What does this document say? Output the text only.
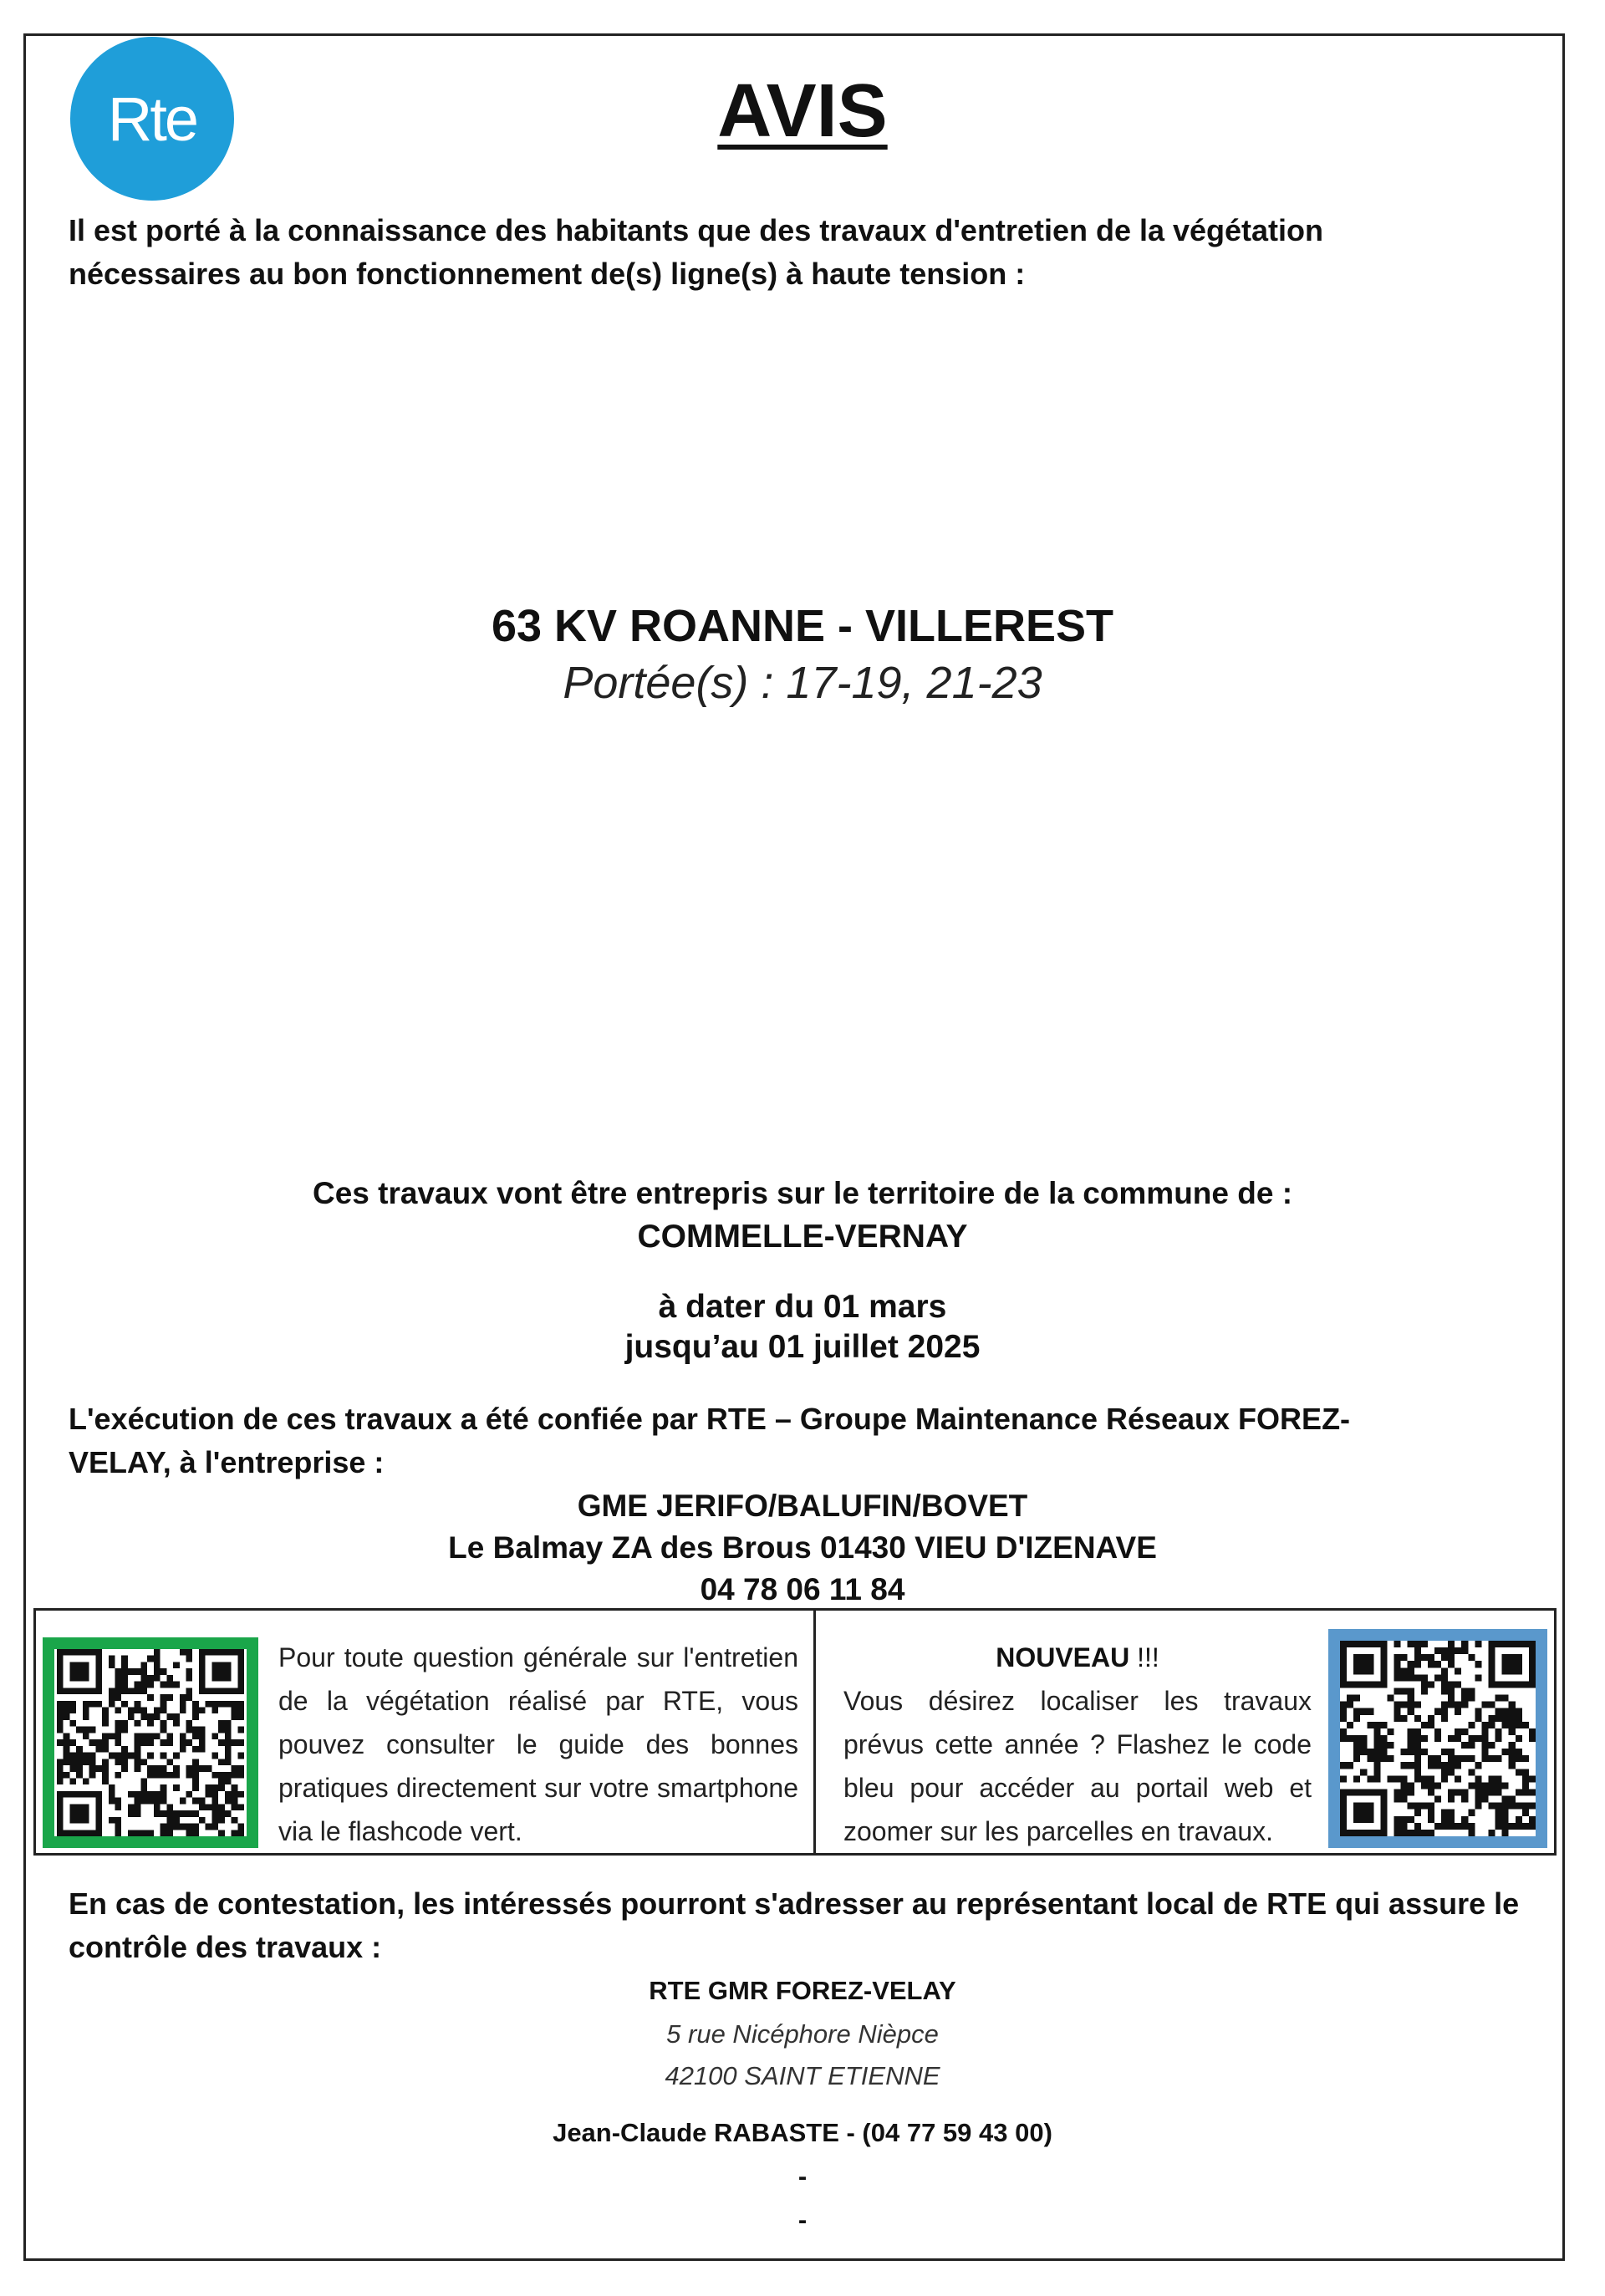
Rte	AVIS
Il est porté à la connaissance des habitants que des travaux d'entretien de la végétation
nécessaires au bon fonctionnement de(s) ligne(s) à haute tension :
63 KV ROANNE - VILLEREST
Portée(s) : 17-19, 21-23
Ces travaux vont être entrepris sur le territoire de la commune de :
COMMELLE-VERNAY
à dater du 01 mars
jusqu’au 01 juillet 2025
L'exécution de ces travaux a été confiée par RTE – Groupe Maintenance Réseaux FOREZ-
VELAY, à l'entreprise :
GME JERIFO/BALUFIN/BOVET
Le Balmay ZA des Brous 01430 VIEU D'IZENAVE
04 78 06 11 84
Pour toute question générale sur l'entretien de la végétation réalisé par RTE, vous pouvez consulter le guide des bonnes pratiques directement sur votre smartphone via le flashcode vert.
NOUVEAU !!!
Vous désirez localiser les travaux prévus cette année ? Flashez le code bleu pour accéder au portail web et zoomer sur les parcelles en travaux.
En cas de contestation, les intéressés pourront s'adresser au représentant local de RTE qui assure le
contrôle des travaux :
RTE GMR FOREZ-VELAY
5 rue Nicéphore Nièpce
42100 SAINT ETIENNE
Jean-Claude RABASTE - (04 77 59 43 00)
-
-
